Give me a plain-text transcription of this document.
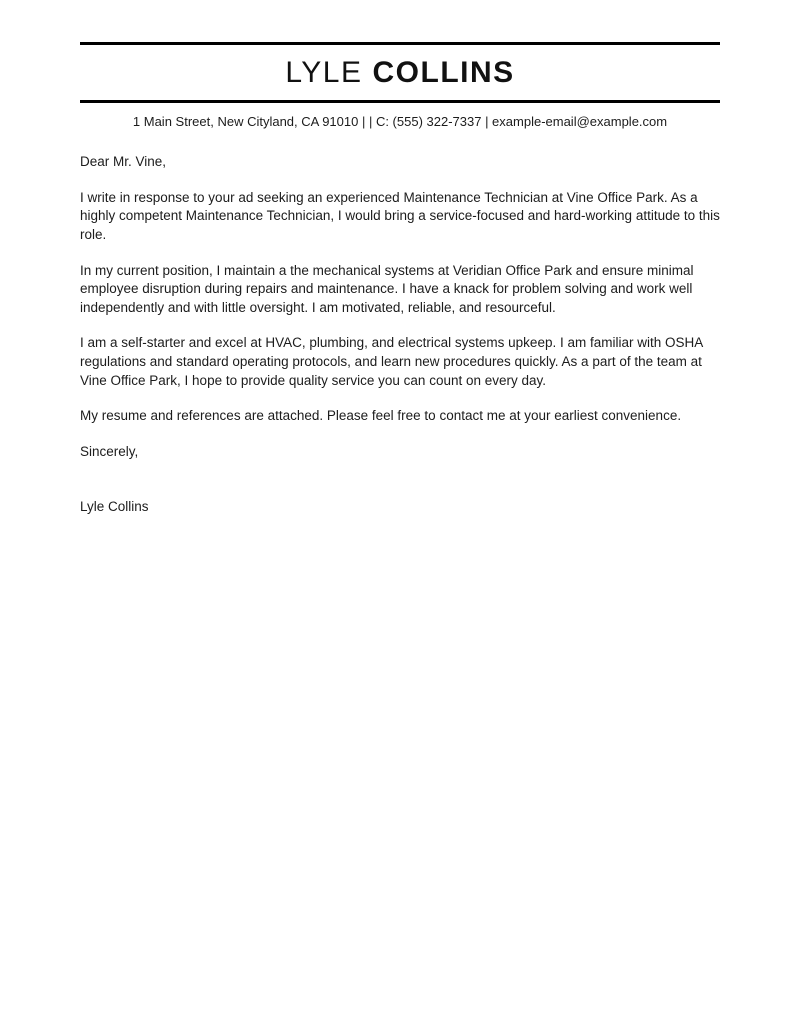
LYLE COLLINS
1 Main Street, New Cityland, CA 91010 | | C: (555) 322-7337 | example-email@example.com

Dear Mr. Vine,

I write in response to your ad seeking an experienced Maintenance Technician at Vine Office Park. As a highly competent Maintenance Technician, I would bring a service-focused and hard-working attitude to this role.

In my current position, I maintain a the mechanical systems at Veridian Office Park and ensure minimal employee disruption during repairs and maintenance. I have a knack for problem solving and work well independently and with little oversight. I am motivated, reliable, and resourceful.

I am a self-starter and excel at HVAC, plumbing, and electrical systems upkeep. I am familiar with OSHA regulations and standard operating protocols, and learn new procedures quickly. As a part of the team at Vine Office Park, I hope to provide quality service you can count on every day.

My resume and references are attached. Please feel free to contact me at your earliest convenience.

Sincerely,

Lyle Collins
